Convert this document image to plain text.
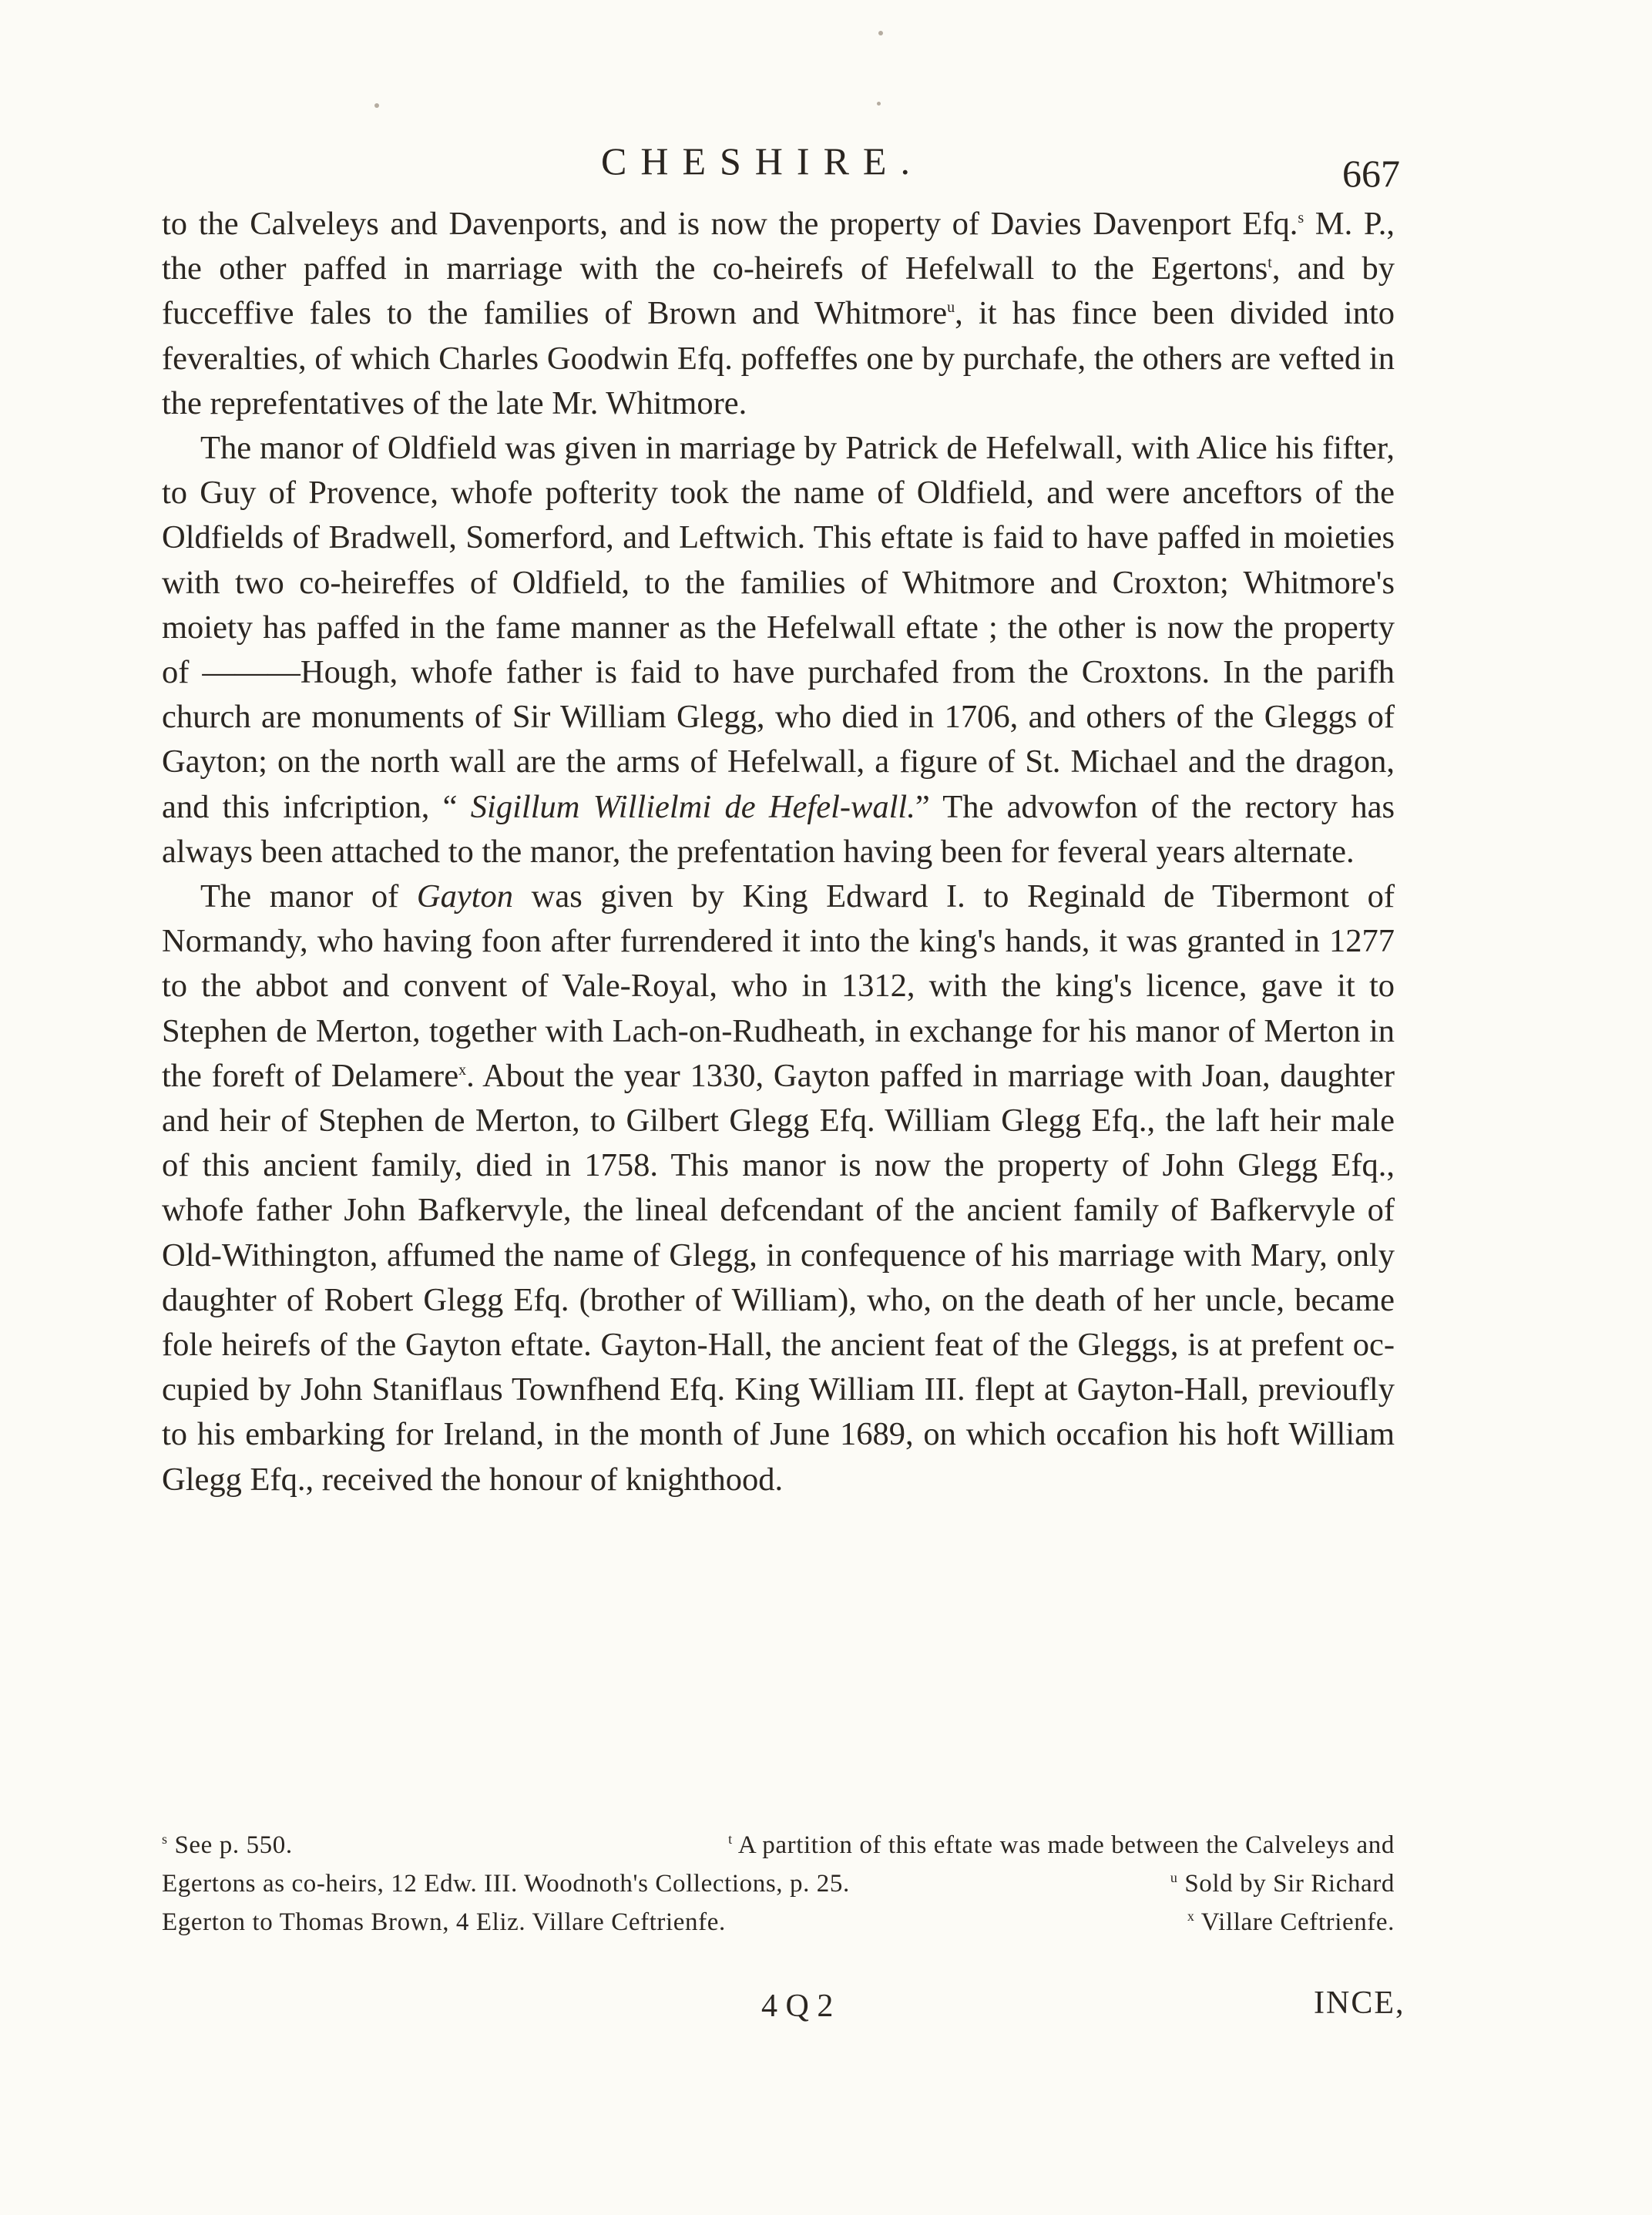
CHESHIRE.	667

to the Calveleys and Davenports, and is now the property of Davies Davenport Efq.$^s$ M. P., the other paffed in marriage with the co-heirefs of Hefelwall to the Egertons$^t$, and by fucceffive fales to the families of Brown and Whitmore$^u$, it has fince been divided into feveralties, of which Charles Goodwin Efq. poffeffes one by purchafe, the others are vefted in the reprefentatives of the late Mr. Whitmore.

The manor of Oldfield was given in marriage by Patrick de Hefelwall, with Alice his fifter, to Guy of Provence, whofe pofterity took the name of Oldfield, and were anceftors of the Oldfields of Bradwell, Somerford, and Leftwich. This eftate is faid to have paffed in moieties with two co-heireffes of Oldfield, to the families of Whitmore and Croxton; Whitmore's moiety has paffed in the fame manner as the Hefelwall eftate ; the other is now the property of ———Hough, whofe father is faid to have purchafed from the Croxtons. In the parifh church are monuments of Sir William Glegg, who died in 1706, and others of the Gleggs of Gayton; on the north wall are the arms of Hefelwall, a figure of St. Michael and the dragon, and this infcription, “ Sigillum Willielmi de Hefel-wall.” The advowfon of the rectory has always been attached to the manor, the prefentation having been for feveral years alternate.

The manor of Gayton was given by King Edward I. to Reginald de Tibermont of Normandy, who having foon after furrendered it into the king's hands, it was granted in 1277 to the abbot and convent of Vale-Royal, who in 1312, with the king's licence, gave it to Stephen de Merton, together with Lach-on-Rudheath, in exchange for his manor of Merton in the foreft of Delamere$^x$. About the year 1330, Gayton paffed in marriage with Joan, daughter and heir of Stephen de Merton, to Gilbert Glegg Efq. William Glegg Efq., the laft heir male of this ancient family, died in 1758. This manor is now the property of John Glegg Efq., whofe father John Bafkervyle, the lineal defcendant of the ancient family of Bafkervyle of Old-Withington, affumed the name of Glegg, in confequence of his marriage with Mary, only daughter of Robert Glegg Efq. (brother of William), who, on the death of her uncle, became fole heirefs of the Gayton eftate. Gayton-Hall, the ancient feat of the Gleggs, is at prefent oc-cupied by John Staniflaus Townfhend Efq. King William III. flept at Gayton-Hall, previoufly to his embarking for Ireland, in the month of June 1689, on which occafion his hoft William Glegg Efq., received the honour of knighthood.

$^s$ See p. 550.	$^t$ A partition of this eftate was made between the Calveleys and
Egertons as co-heirs, 12 Edw. III. Woodnoth's Collections, p. 25.	$^u$ Sold by Sir Richard
Egerton to Thomas Brown, 4 Eliz. Villare Ceftrienfe.	$^x$ Villare Ceftrienfe.
4 Q 2	INCE,
